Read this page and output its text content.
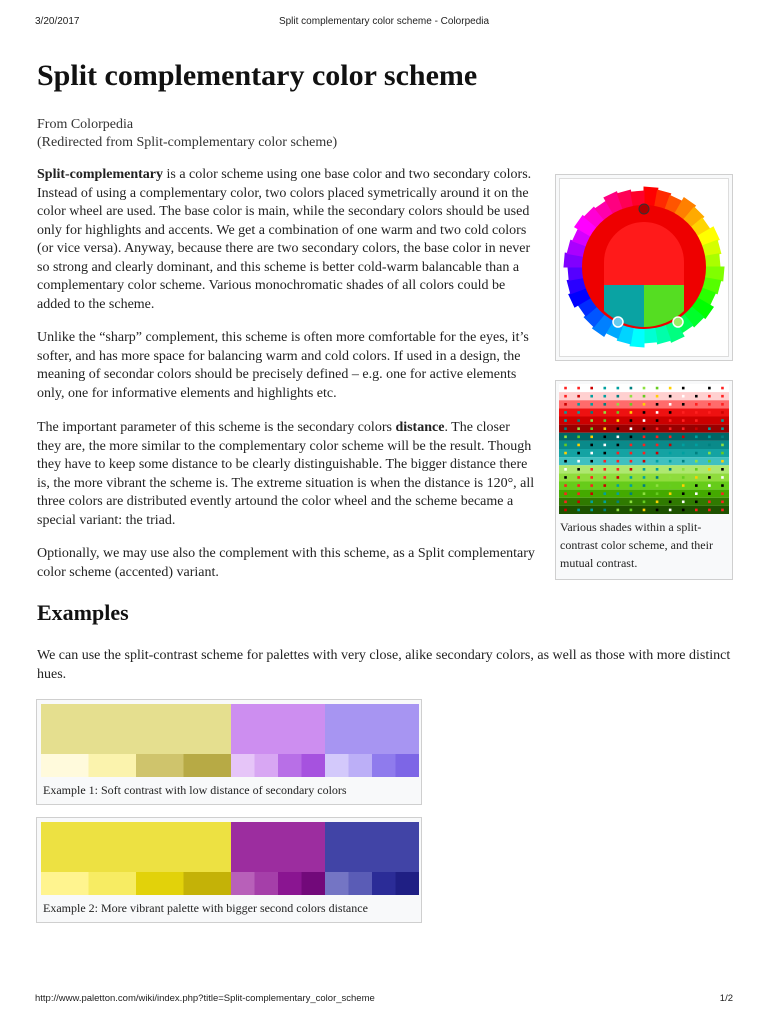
3/20/2017	Split complementary color scheme - Colorpedia
Split complementary color scheme
From Colorpedia
(Redirected from Split-complementary color scheme)

Split-complementary is a color scheme using one base color and two secondary colors. Instead of using a complementary color, two colors placed symetrically around it on the color wheel are used. The base color is main, while the secondary colors should be used only for highlights and accents. We get a combination of one warm and two cold colors (or vice versa). Anyway, because there are two secondary colors, the base color in never so strong and clearly dominant, and this scheme is better cold-warm balancable than a complementary color scheme. Various monochromatic shades of all colors could be added to the scheme.

Unlike the “sharp” complement, this scheme is often more comfortable for the eyes, it’s softer, and has more space for balancing warm and cold colors. If used in a design, the meaning of secondar colors should be precisely defined – e.g. one for active elements only, one for informative elements and highlights etc.

The important parameter of this scheme is the secondary colors distance. The closer they are, the more similar to the complementary color scheme will be the result. Though they have to keep some distance to be clearly distinguishable. The bigger distance there is, the more vibrant the scheme is. The extreme situation is when the distance is 120°, all three colors are distributed evently artound the color wheel and the scheme became a special variant: the triad.

Optionally, we may use also the complement with this scheme, as a Split complementary color scheme (accented) variant.

Examples

We can use the split-contrast scheme for palettes with very close, alike secondary colors, as well as those with more distinct hues.

Various shades within a split-contrast color scheme, and their mutual contrast.
Example 1: Soft contrast with low distance of secondary colors
Example 2: More vibrant palette with bigger second colors distance
http://www.paletton.com/wiki/index.php?title=Split-complementary_color_scheme	1/2
